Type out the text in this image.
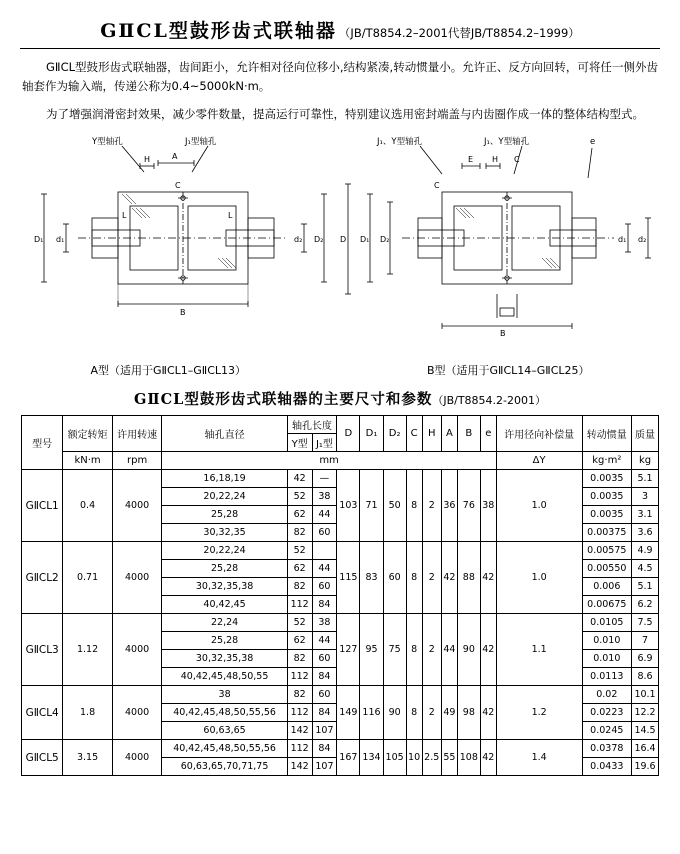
GⅡCL型鼓形齿式联轴器 （JB/T8854.2–2001代替JB/T8854.2–1999）
GⅡCL型鼓形齿式联轴器，齿间距小，允许相对径向位移小,结构紧凑,转动惯量小。允许正、反方向回转，可将任一侧外齿轴套作为输入端，传递公称为0.4~5000kN·m。
为了增强润滑密封效果，减少零件数量，提高运行可靠性，特别建议选用密封端盖与内齿圈作成一体的整体结构型式。
Y型轴孔	J₁型轴孔
H	A
L	L
C
D₁ d₁	d₂ D₂ D
B
J₁、Y型轴孔	J₁、Y型轴孔	e
E H C
D₁ D₂	d₁ d₂
B
C
A型（适用于GⅡCL1–GⅡCL13）	B型（适用于GⅡCL14–GⅡCL25）
GⅡCL型鼓形齿式联轴器的主要尺寸和参数（JB/T8854.2-2001）
型号	额定转矩	许用转速	轴孔直径	轴孔长度		D	D₁	D₂	C	H	A	B	e	许用径向补偿量	转动惯量	质量
				Y型	J₁型											
	kN·m	rpm	mm											ΔY	kg·m²	kg
GⅡCL1	0.4	4000	16,18,19	42	—	103	71	50	8	2	36	76	38	1.0	0.0035	5.1
			20,22,24	52	38										0.0035	3
			25,28	62	44										0.0035	3.1
			30,32,35	82	60										0.00375	3.6
GⅡCL2	0.71	4000	20,22,24	52		115	83	60	8	2	42	88	42	1.0	0.00575	4.9
			25,28	62	44										0.00550	4.5
			30,32,35,38	82	60										0.006	5.1
			40,42,45	112	84										0.00675	6.2
GⅡCL3	1.12	4000	22,24	52	38	127	95	75	8	2	44	90	42	1.1	0.0105	7.5
			25,28	62	44										0.010	7
			30,32,35,38	82	60										0.010	6.9
			40,42,45,48,50,55	112	84										0.0113	8.6
GⅡCL4	1.8	4000	38	82	60	149	116	90	8	2	49	98	42	1.2	0.02	10.1
			40,42,45,48,50,55,56	112	84										0.0223	12.2
			60,63,65	142	107										0.0245	14.5
GⅡCL5	3.15	4000	40,42,45,48,50,55,56	112	84	167	134	105	10	2.5	55	108	42	1.4	0.0378	16.4
			60,63,65,70,71,75	142	107										0.0433	19.6
